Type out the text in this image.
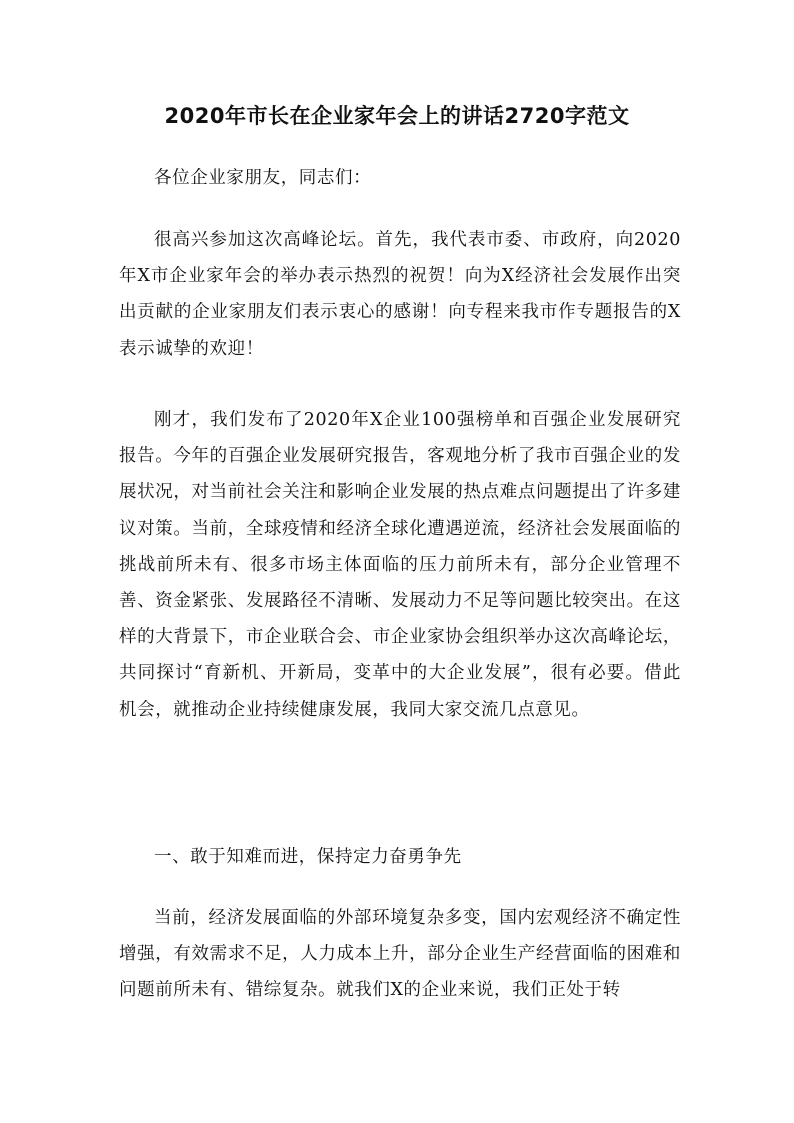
2020年市长在企业家年会上的讲话2720字范文

各位企业家朋友，同志们：

很高兴参加这次高峰论坛。首先，我代表市委、市政府，向2020年X市企业家年会的举办表示热烈的祝贺！向为X经济社会发展作出突出贡献的企业家朋友们表示衷心的感谢！向专程来我市作专题报告的X表示诚挚的欢迎！

刚才，我们发布了2020年X企业100强榜单和百强企业发展研究报告。今年的百强企业发展研究报告，客观地分析了我市百强企业的发展状况，对当前社会关注和影响企业发展的热点难点问题提出了许多建议对策。当前，全球疫情和经济全球化遭遇逆流，经济社会发展面临的挑战前所未有、很多市场主体面临的压力前所未有，部分企业管理不善、资金紧张、发展路径不清晰、发展动力不足等问题比较突出。在这样的大背景下，市企业联合会、市企业家协会组织举办这次高峰论坛，共同探讨“育新机、开新局，变革中的大企业发展”，很有必要。借此机会，就推动企业持续健康发展，我同大家交流几点意见。

一、敢于知难而进，保持定力奋勇争先

当前，经济发展面临的外部环境复杂多变，国内宏观经济不确定性增强，有效需求不足，人力成本上升，部分企业生产经营面临的困难和问题前所未有、错综复杂。就我们X的企业来说，我们正处于转
